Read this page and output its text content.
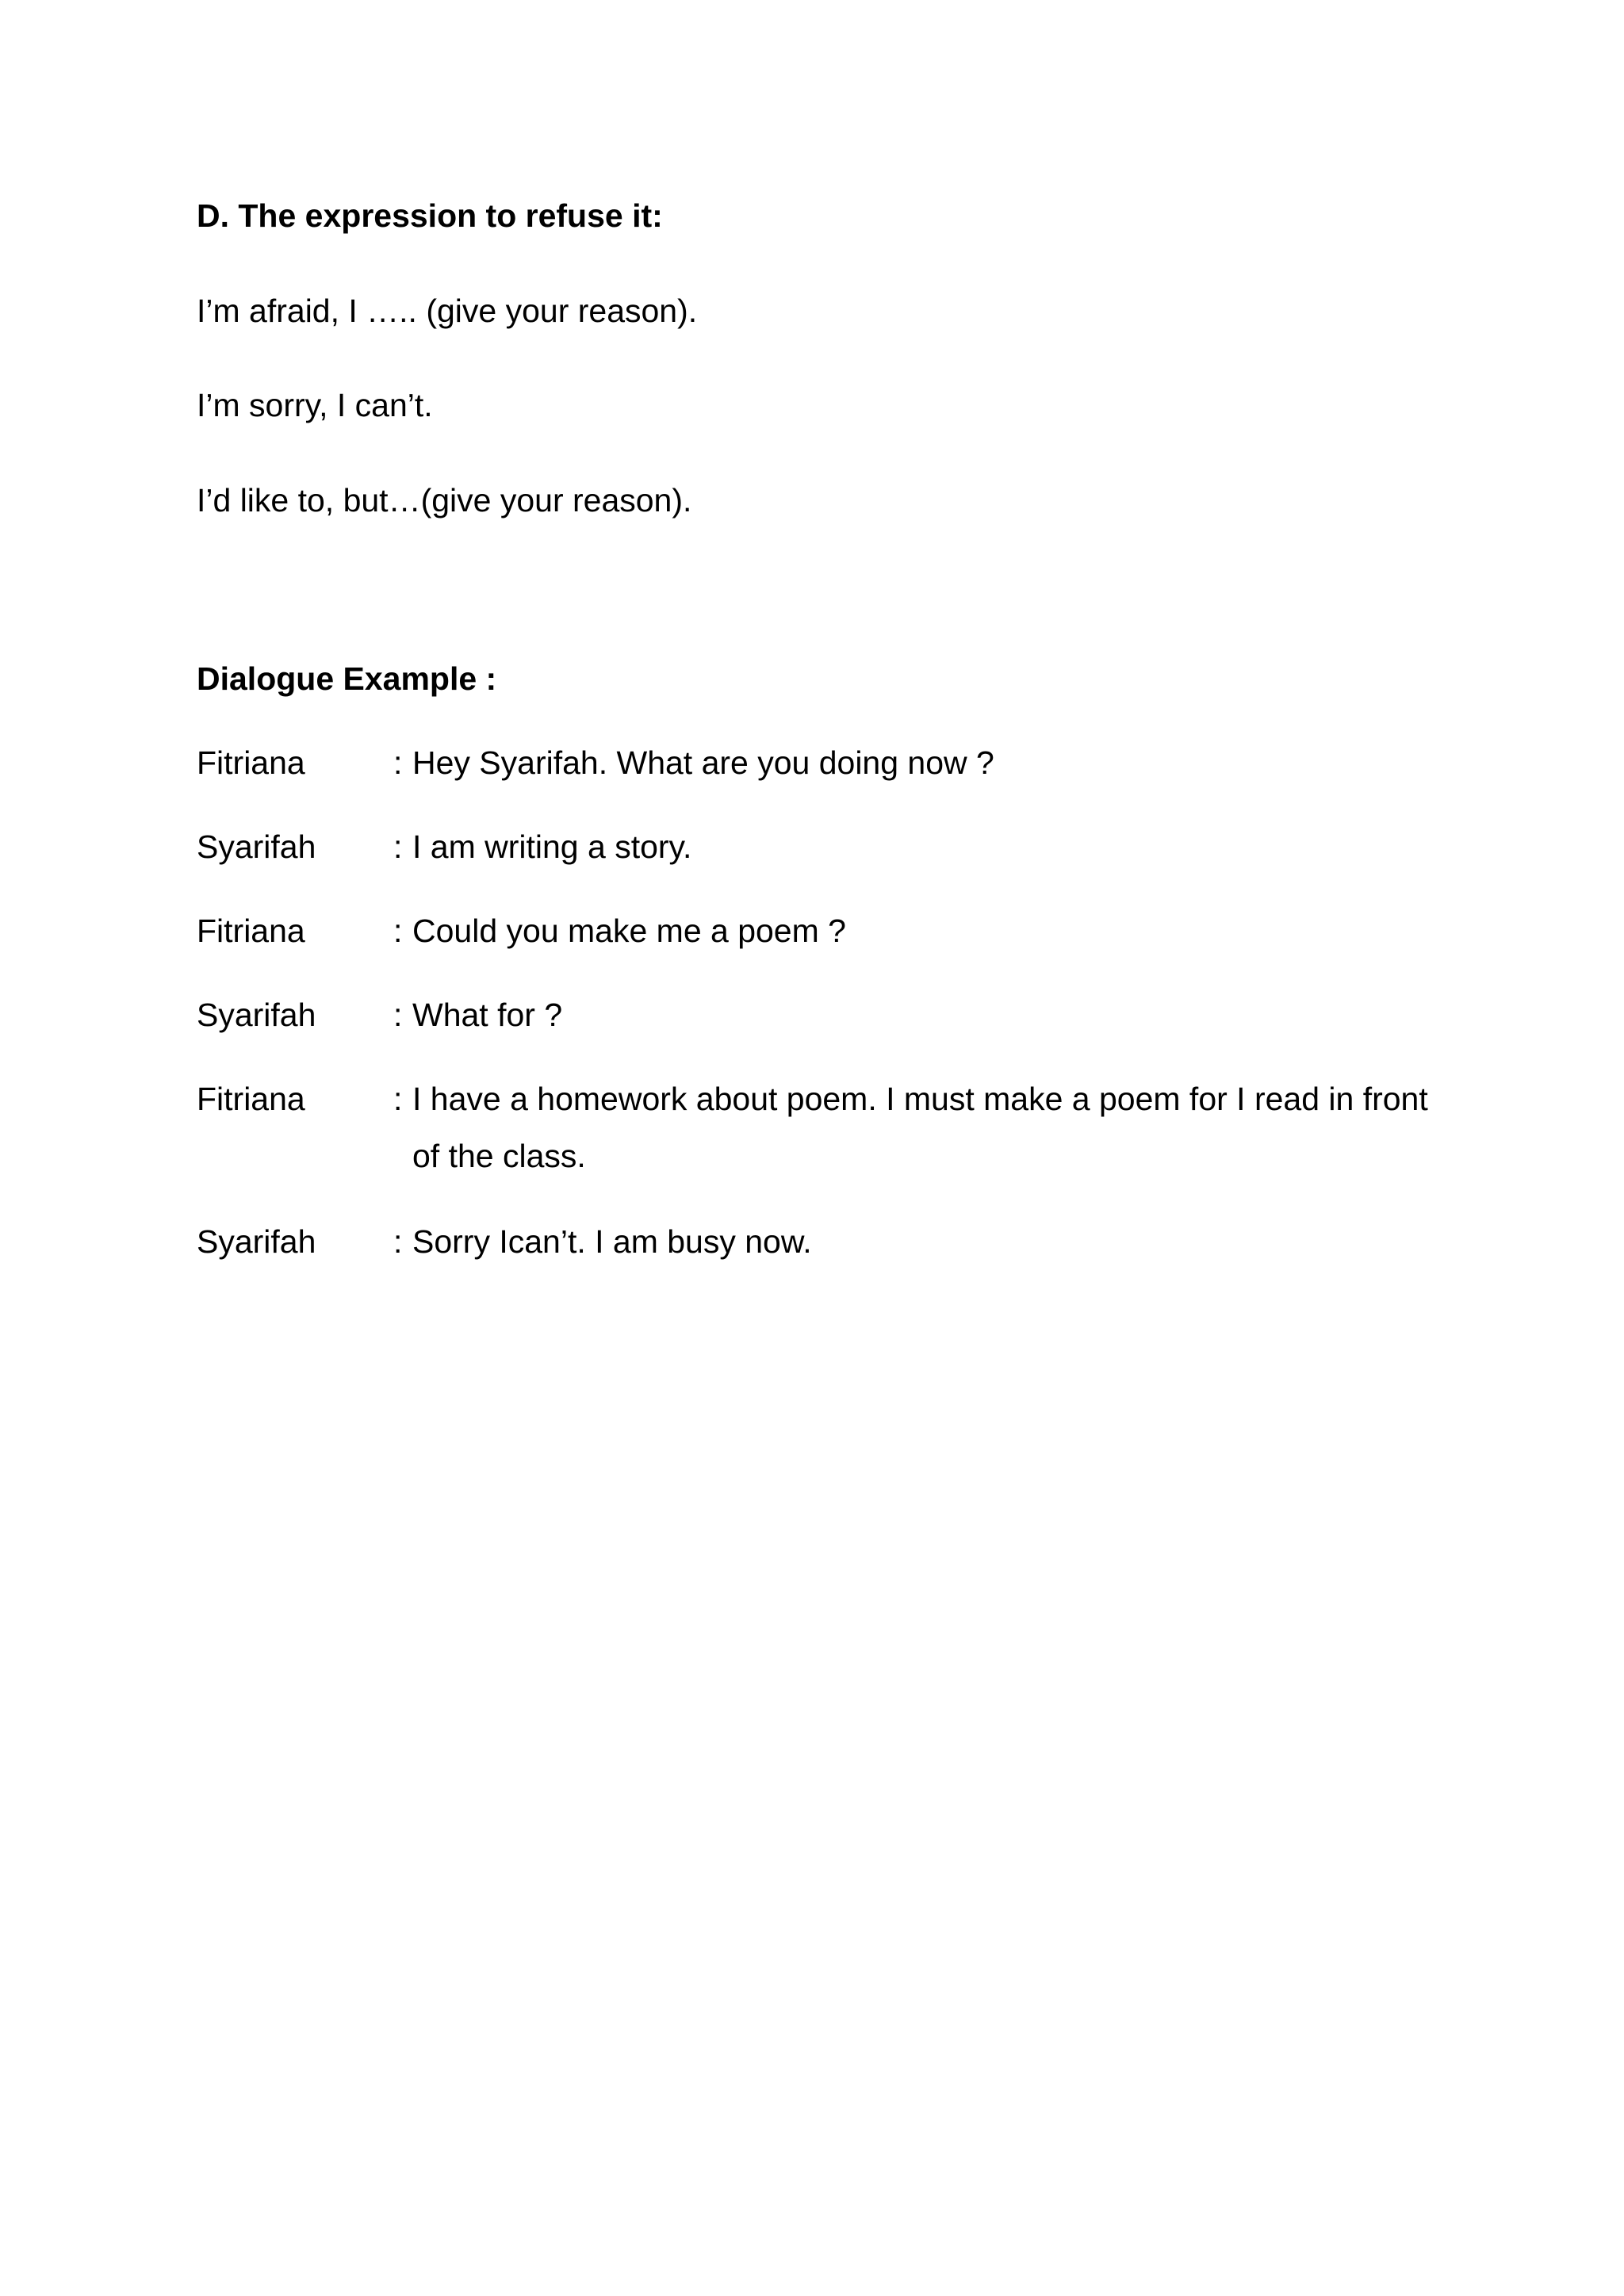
D. The expression to refuse it:

I’m afraid, I ….. (give your reason).

I’m sorry, I can’t.

I’d like to, but…(give your reason).

Dialogue Example :
Fitriana	: Hey Syarifah. What are you doing now ?
Syarifah : I am writing a story.
Fitriana	: Could you make me a poem ?
Syarifah : What for ?
Fitriana	: I have a homework about poem. I must make a poem for I read in front of the class.
Syarifah : Sorry Ican’t. I am busy now.
